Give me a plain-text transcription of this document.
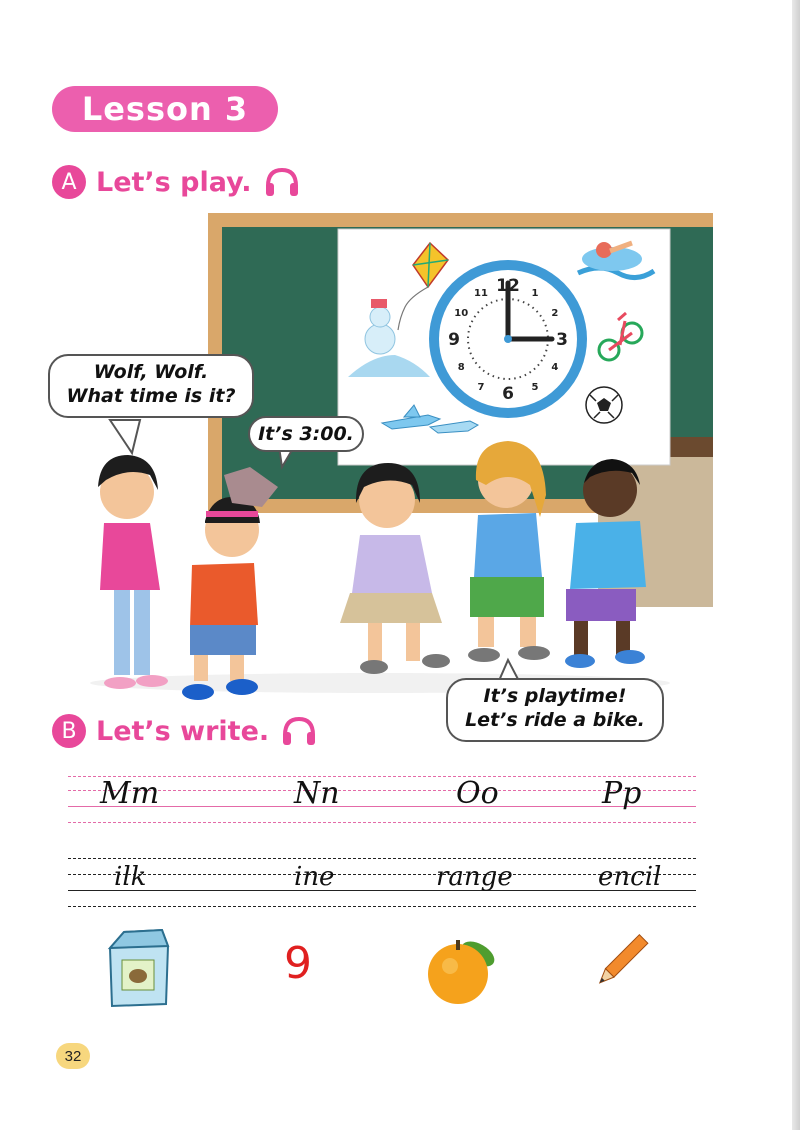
Lesson 3
A Let’s play.
12 1
2
3
4
5
6
7
8
9
10
11
Wolf, Wolf.
What time is it?
It’s 3:00.
It’s playtime!
Let’s ride a bike.
B Let’s write.
Mm	Nn	Oo	Pp
ilk	ine	range	encil
9
32
